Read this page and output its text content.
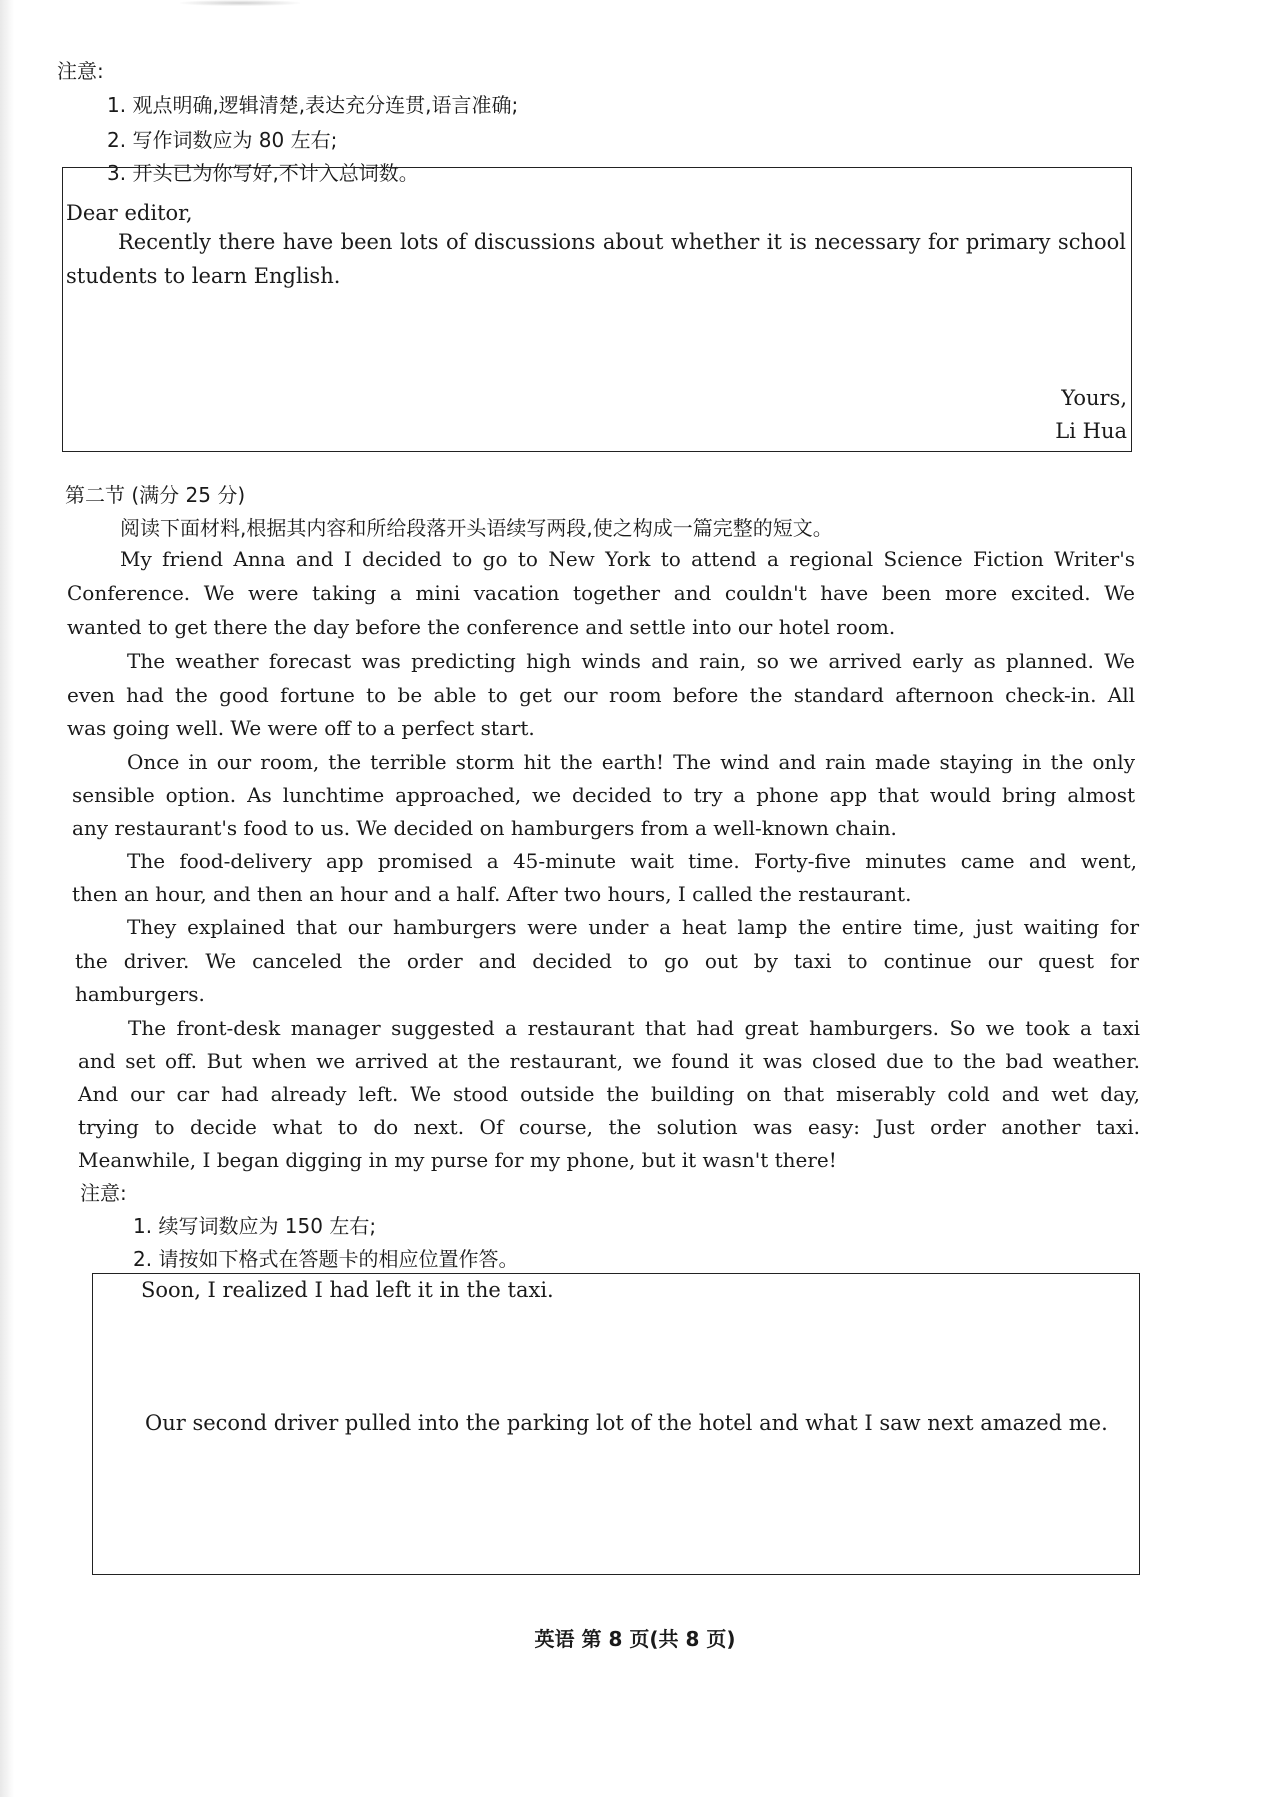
注意:
1. 观点明确,逻辑清楚,表达充分连贯,语言准确;
2. 写作词数应为 80 左右;
3. 开头已为你写好,不计入总词数。
Dear editor,
Recently there have been lots of discussions about whether it is necessary for primary school
students to learn English.
Yours,
Li Hua
第二节 (满分 25 分)
阅读下面材料,根据其内容和所给段落开头语续写两段,使之构成一篇完整的短文。
My friend Anna and I decided to go to New York to attend a regional Science Fiction Writer's
Conference. We were taking a mini vacation together and couldn't have been more excited. We
wanted to get there the day before the conference and settle into our hotel room.
The weather forecast was predicting high winds and rain, so we arrived early as planned. We
even had the good fortune to be able to get our room before the standard afternoon check-in. All
was going well. We were off to a perfect start.
Once in our room, the terrible storm hit the earth! The wind and rain made staying in the only
sensible option. As lunchtime approached, we decided to try a phone app that would bring almost
any restaurant's food to us. We decided on hamburgers from a well-known chain.
The food-delivery app promised a 45-minute wait time. Forty-five minutes came and went,
then an hour, and then an hour and a half. After two hours, I called the restaurant.
They explained that our hamburgers were under a heat lamp the entire time, just waiting for
the driver. We canceled the order and decided to go out by taxi to continue our quest for
hamburgers.
The front-desk manager suggested a restaurant that had great hamburgers. So we took a taxi
and set off. But when we arrived at the restaurant, we found it was closed due to the bad weather.
And our car had already left. We stood outside the building on that miserably cold and wet day,
trying to decide what to do next. Of course, the solution was easy: Just order another taxi.
Meanwhile, I began digging in my purse for my phone, but it wasn't there!
注意:
1. 续写词数应为 150 左右;
2. 请按如下格式在答题卡的相应位置作答。
Soon, I realized I had left it in the taxi.
Our second driver pulled into the parking lot of the hotel and what I saw next amazed me.
英语 第 8 页(共 8 页)
